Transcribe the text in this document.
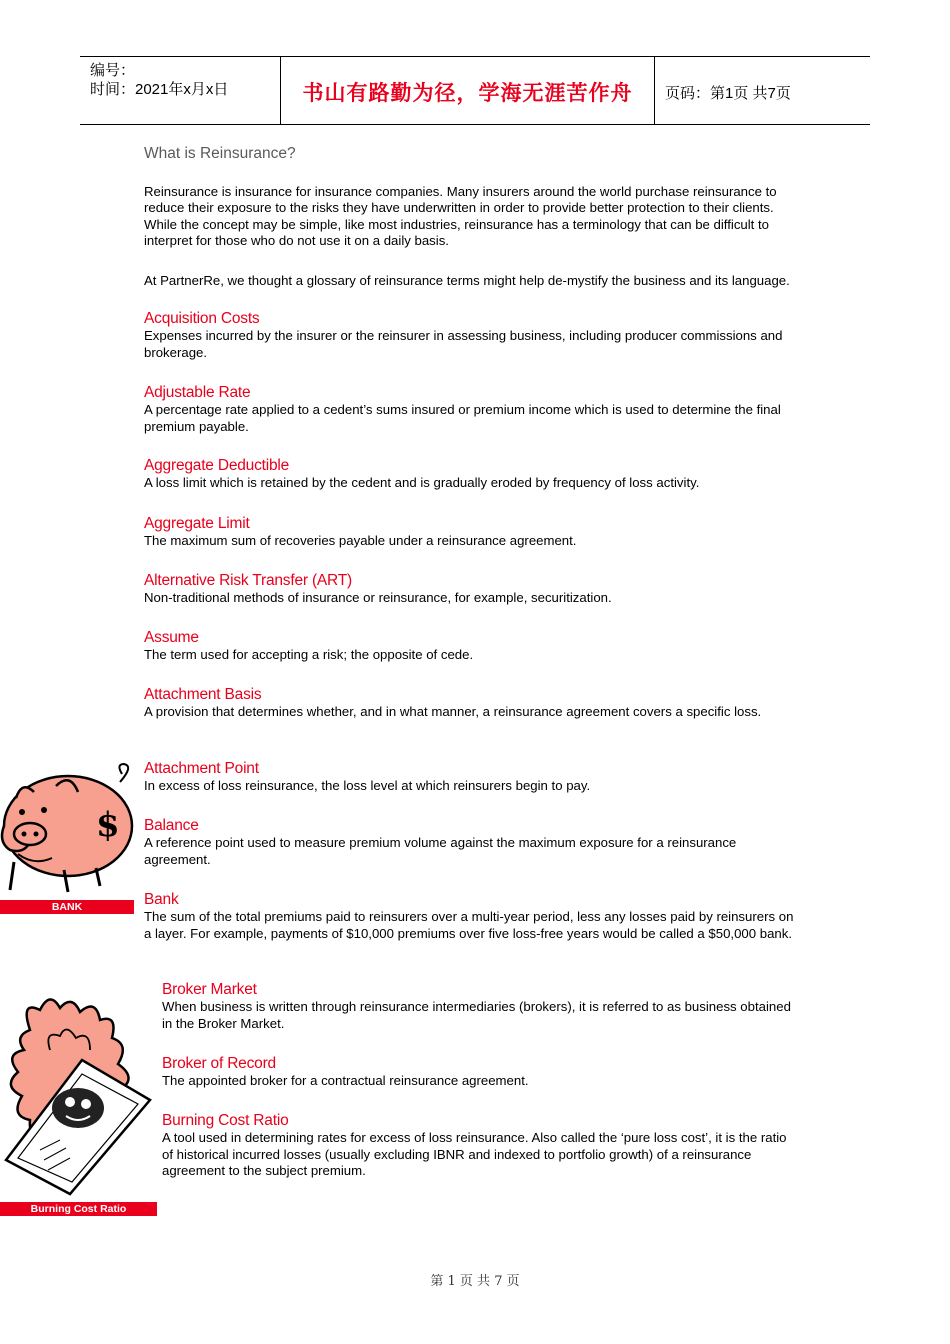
编号：
时间：2021年x月x日	书山有路勤为径，学海无涯苦作舟	页码：第1页 共7页
What is Reinsurance?
Reinsurance is insurance for insurance companies. Many insurers around the world purchase reinsurance to reduce their exposure to the risks they have underwritten in order to provide better protection to their clients. While the concept may be simple, like most industries, reinsurance has a terminology that can be difficult to interpret for those who do not use it on a daily basis.
At PartnerRe, we thought a glossary of reinsurance terms might help de-mystify the business and its language.
Acquisition Costs
Expenses incurred by the insurer or the reinsurer in assessing business, including producer commissions and brokerage.
Adjustable Rate
A percentage rate applied to a cedent’s sums insured or premium income which is used to determine the final premium payable.
Aggregate Deductible
A loss limit which is retained by the cedent and is gradually eroded by frequency of loss activity.
Aggregate Limit
The maximum sum of recoveries payable under a reinsurance agreement.
Alternative Risk Transfer (ART)
Non-traditional methods of insurance or reinsurance, for example, securitization.
Assume
The term used for accepting a risk; the opposite of cede.
Attachment Basis
A provision that determines whether, and in what manner, a reinsurance agreement covers a specific loss.
Attachment Point
In excess of loss reinsurance, the loss level at which reinsurers begin to pay.
Balance
A reference point used to measure premium volume against the maximum exposure for a reinsurance agreement.
Bank
The sum of the total premiums paid to reinsurers over a multi-year period, less any losses paid by reinsurers on a layer. For example, payments of $10,000 premiums over five loss-free years would be called a $50,000 bank.
Broker Market
When business is written through reinsurance intermediaries (brokers), it is referred to as business obtained in the Broker Market.
Broker of Record
The appointed broker for a contractual reinsurance agreement.
Burning Cost Ratio
A tool used in determining rates for excess of loss reinsurance. Also called the ‘pure loss cost’, it is the ratio of historical incurred losses (usually excluding IBNR and indexed to portfolio growth) of a reinsurance agreement to the subject premium.
$
BANK
Burning Cost Ratio
第 1 页 共 7 页
